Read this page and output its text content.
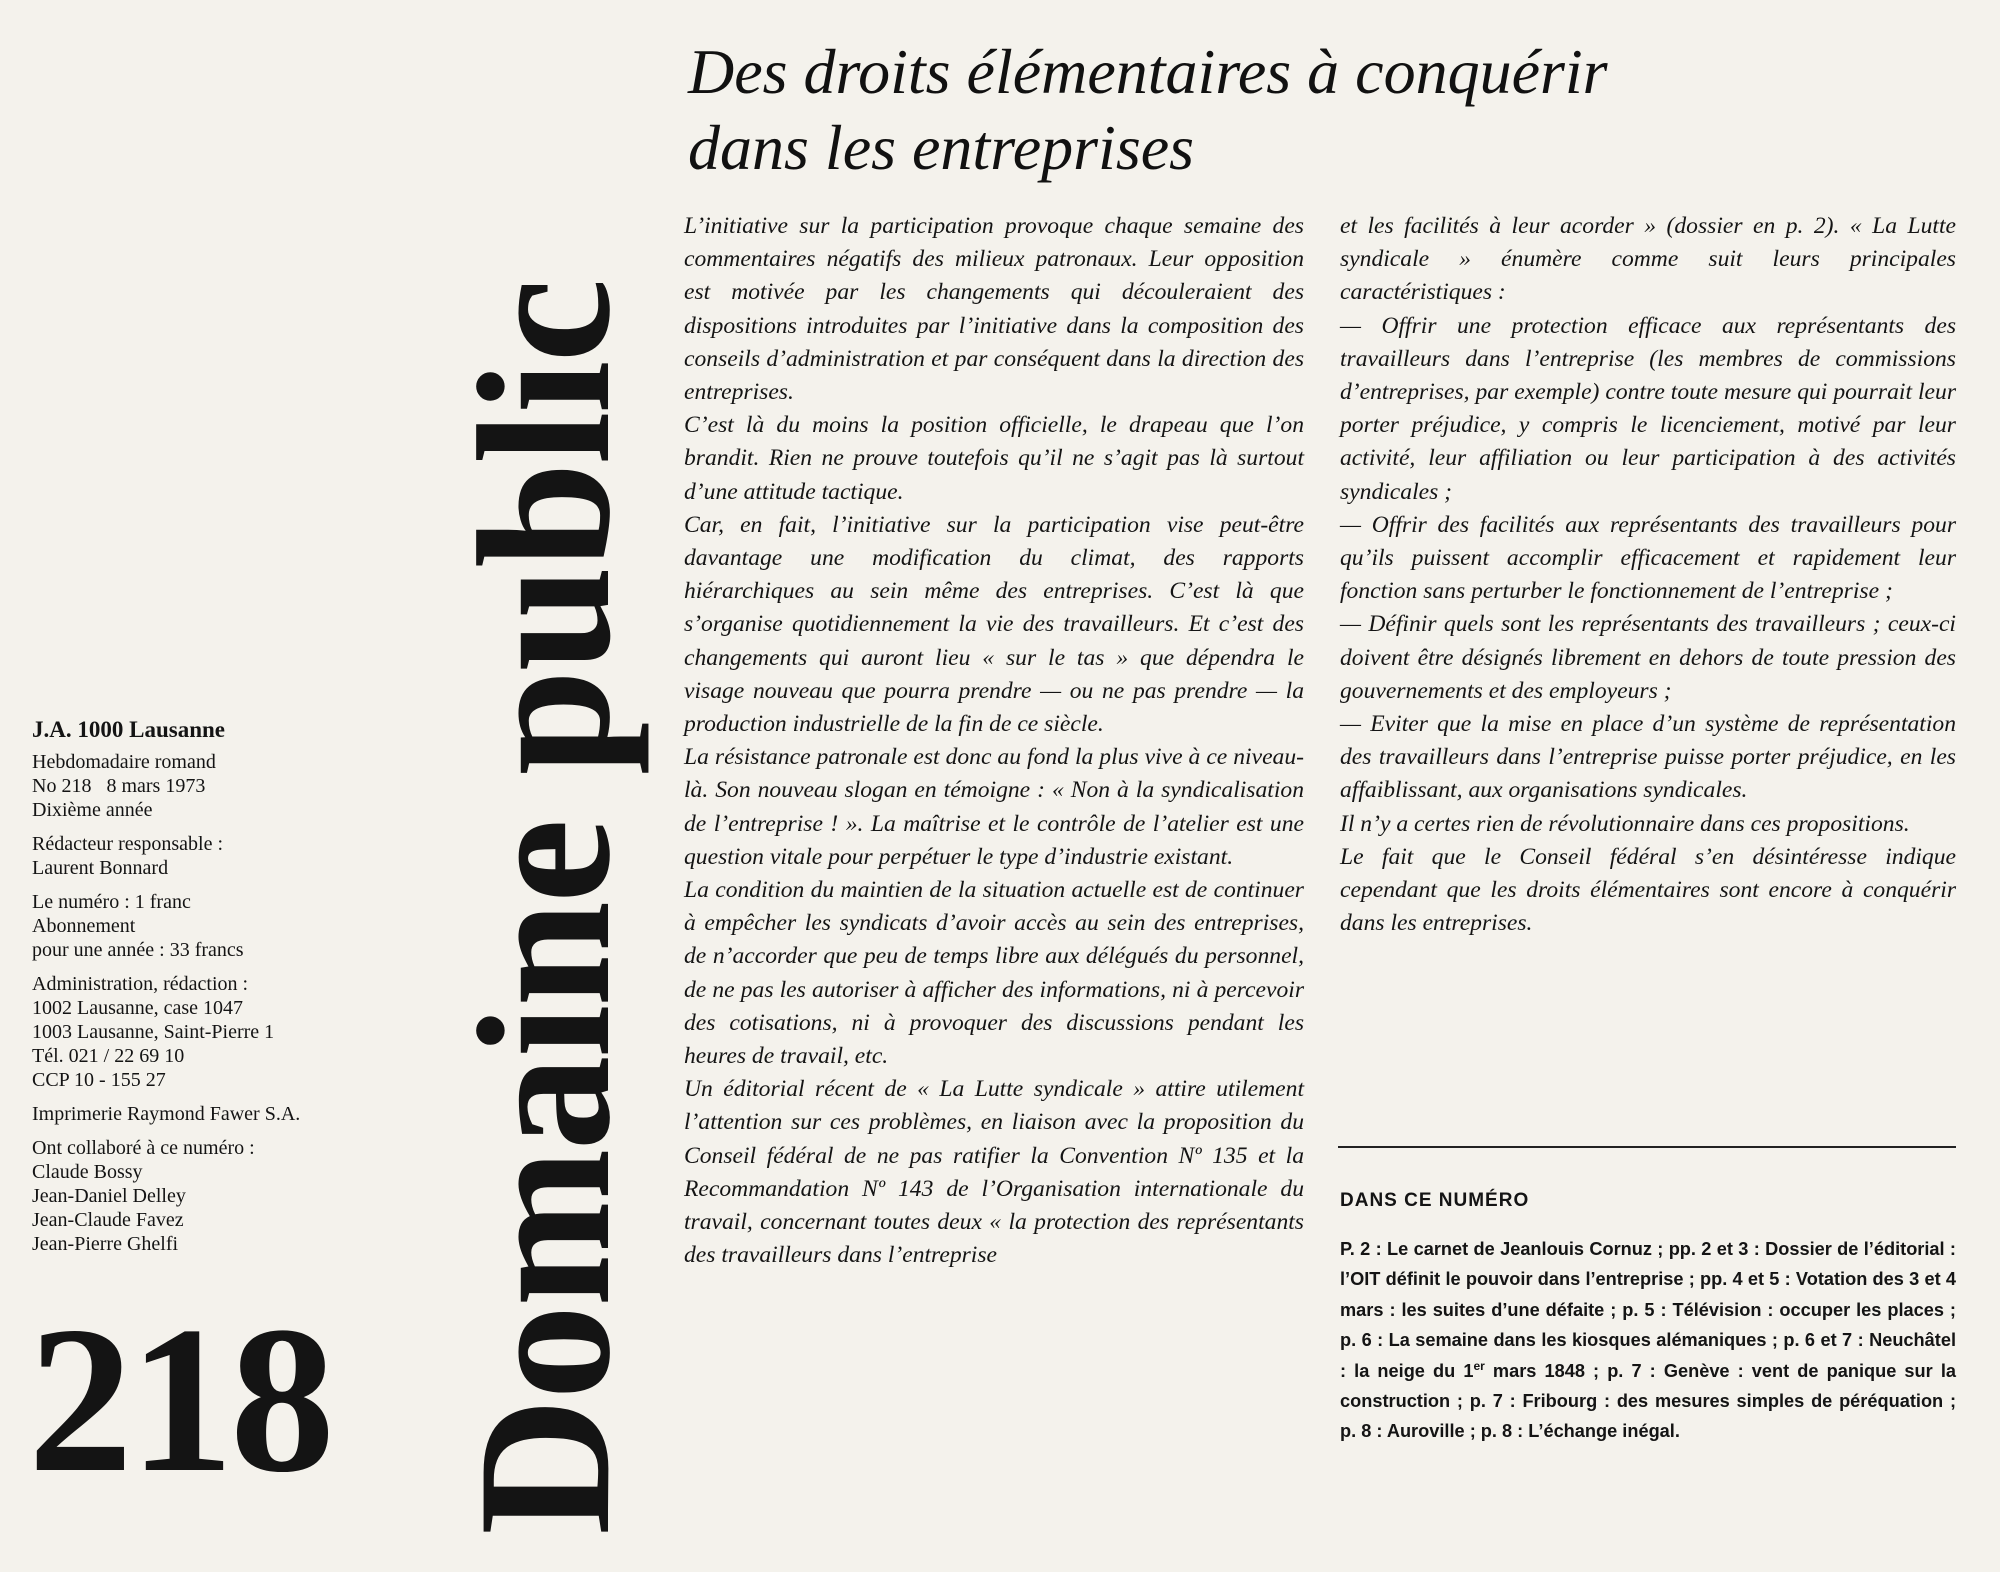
J.A. 1000 Lausanne
Hebdomadaire romand
No 218   8 mars 1973
Dixième année
Rédacteur responsable :
Laurent Bonnard
Le numéro : 1 franc
Abonnement
pour une année : 33 francs
Administration, rédaction :
1002 Lausanne, case 1047
1003 Lausanne, Saint-Pierre 1
Tél. 021 / 22 69 10
CCP 10 - 155 27
Imprimerie Raymond Fawer S.A.
Ont collaboré à ce numéro :
Claude Bossy
Jean-Daniel Delley
Jean-Claude Favez
Jean-Pierre Ghelfi
218 Domaine public
Des droits élémentaires à conquérir
dans les entreprises

L’initiative sur la participation provoque chaque semaine des commentaires négatifs des milieux patronaux. Leur opposition est motivée par les changements qui découleraient des dispositions introduites par l’initiative dans la composition des conseils d’administration et par conséquent dans la direction des entreprises.

C’est là du moins la position officielle, le drapeau que l’on brandit. Rien ne prouve toutefois qu’il ne s’agit pas là surtout d’une attitude tactique.

Car, en fait, l’initiative sur la participation vise peut-être davantage une modification du climat, des rapports hiérarchiques au sein même des entreprises. C’est là que s’organise quotidiennement la vie des travailleurs. Et c’est des changements qui auront lieu « sur le tas » que dépendra le visage nouveau que pourra prendre — ou ne pas prendre — la production industrielle de la fin de ce siècle.

La résistance patronale est donc au fond la plus vive à ce niveau-là. Son nouveau slogan en témoigne : « Non à la syndicalisation de l’entreprise ! ». La maîtrise et le contrôle de l’atelier est une question vitale pour perpétuer le type d’industrie existant.

La condition du maintien de la situation actuelle est de continuer à empêcher les syndicats d’avoir accès au sein des entreprises, de n’accorder que peu de temps libre aux délégués du personnel, de ne pas les autoriser à afficher des informations, ni à percevoir des cotisations, ni à provoquer des discussions pendant les heures de travail, etc.

Un éditorial récent de « La Lutte syndicale » attire utilement l’attention sur ces problèmes, en liaison avec la proposition du Conseil fédéral de ne pas ratifier la Convention Nº 135 et la Recommandation Nº 143 de l’Organisation internationale du travail, concernant toutes deux « la protection des représentants des travailleurs dans l’entreprise

et les facilités à leur acorder » (dossier en p. 2). « La Lutte syndicale » énumère comme suit leurs principales caractéristiques :

— Offrir une protection efficace aux représentants des travailleurs dans l’entreprise (les membres de commissions d’entreprises, par exemple) contre toute mesure qui pourrait leur porter préjudice, y compris le licenciement, motivé par leur activité, leur affiliation ou leur participation à des activités syndicales ;

— Offrir des facilités aux représentants des travailleurs pour qu’ils puissent accomplir efficacement et rapidement leur fonction sans perturber le fonctionnement de l’entreprise ;

— Définir quels sont les représentants des travailleurs ; ceux-ci doivent être désignés librement en dehors de toute pression des gouvernements et des employeurs ;

— Eviter que la mise en place d’un système de représentation des travailleurs dans l’entreprise puisse porter préjudice, en les affaiblissant, aux organisations syndicales.

Il n’y a certes rien de révolutionnaire dans ces propositions.

Le fait que le Conseil fédéral s’en désintéresse indique cependant que les droits élémentaires sont encore à conquérir dans les entreprises.

DANS CE NUMÉRO
P. 2 : Le carnet de Jeanlouis Cornuz ; pp. 2 et 3 : Dossier de l’éditorial : l’OIT définit le pouvoir dans l’entreprise ; pp. 4 et 5 : Votation des 3 et 4 mars : les suites d’une défaite ; p. 5 : Télévision : occuper les places ; p. 6 : La semaine dans les kiosques alémaniques ; p. 6 et 7 : Neuchâtel : la neige du 1er mars 1848 ; p. 7 : Genève : vent de panique sur la construction ; p. 7 : Fribourg : des mesures simples de péréquation ; p. 8 : Auroville ; p. 8 : L’échange inégal.
